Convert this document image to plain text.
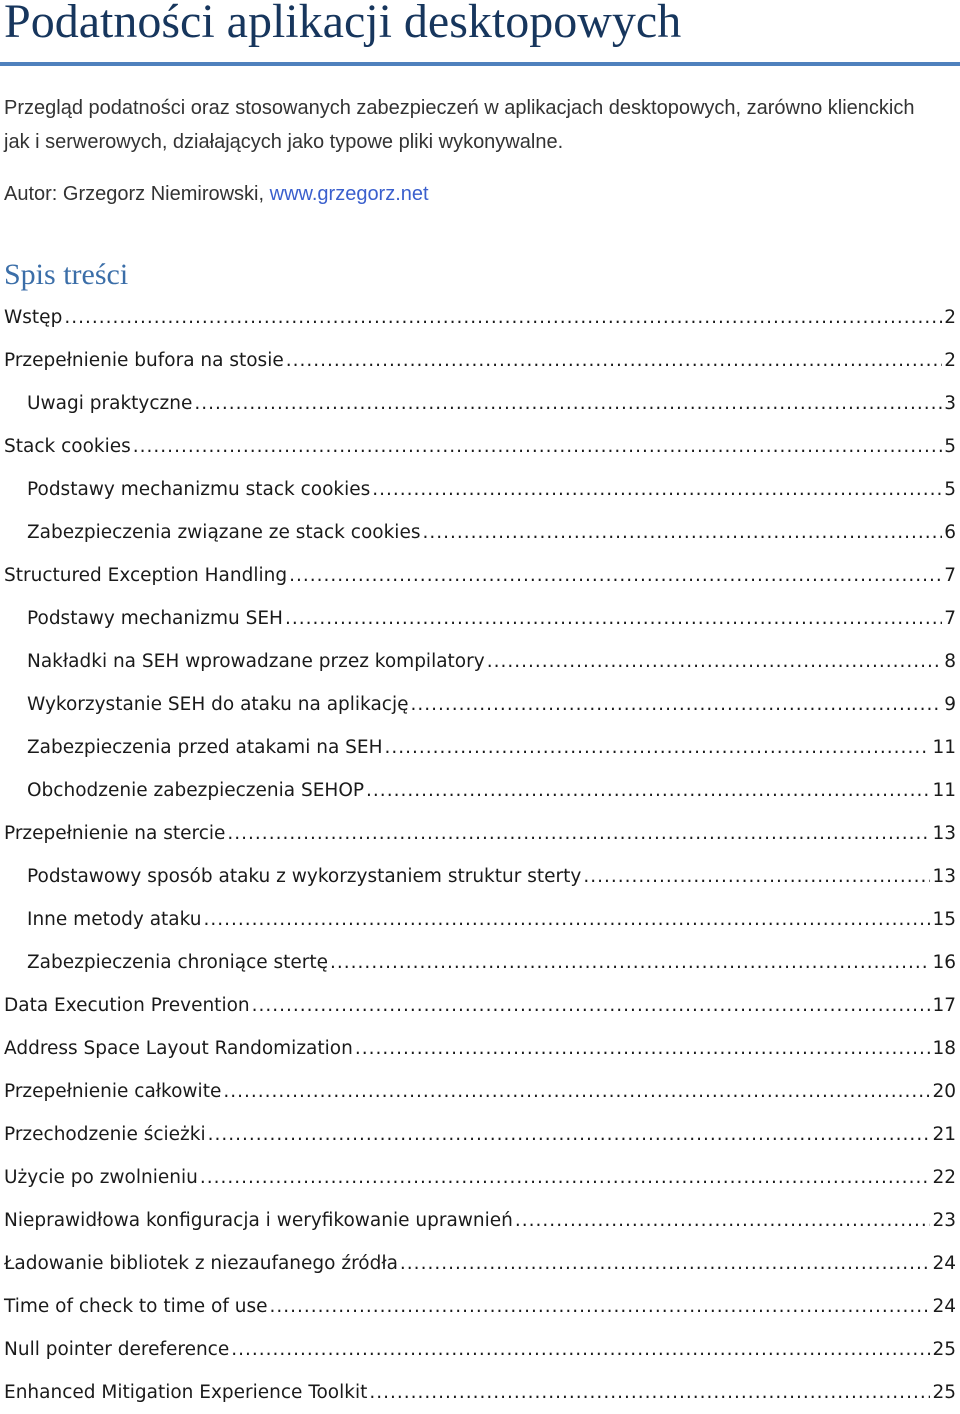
Podatności aplikacji desktopowych

Przegląd podatności oraz stosowanych zabezpieczeń w aplikacjach desktopowych, zarówno klienckich jak i serwerowych, działających jako typowe pliki wykonywalne.

Autor: Grzegorz Niemirowski, www.grzegorz.net

Spis treści
Wstęp .....	2
Przepełnienie bufora na stosie .....	2
Uwagi praktyczne .....	3
Stack cookies .....	5
Podstawy mechanizmu stack cookies .....	5
Zabezpieczenia związane ze stack cookies .....	6
Structured Exception Handling .....	7
Podstawy mechanizmu SEH .....	7
Nakładki na SEH wprowadzane przez kompilatory .....	8
Wykorzystanie SEH do ataku na aplikację .....	9
Zabezpieczenia przed atakami na SEH .....	11
Obchodzenie zabezpieczenia SEHOP .....	11
Przepełnienie na stercie .....	13
Podstawowy sposób ataku z wykorzystaniem struktur sterty .....	13
Inne metody ataku .....	15
Zabezpieczenia chroniące stertę .....	16
Data Execution Prevention .....	17
Address Space Layout Randomization .....	18
Przepełnienie całkowite .....	20
Przechodzenie ścieżki .....	21
Użycie po zwolnieniu .....	22
Nieprawidłowa konfiguracja i weryfikowanie uprawnień .....	23
Ładowanie bibliotek z niezaufanego źródła .....	24
Time of check to time of use .....	24
Null pointer dereference .....	25
Enhanced Mitigation Experience Toolkit .....	25
